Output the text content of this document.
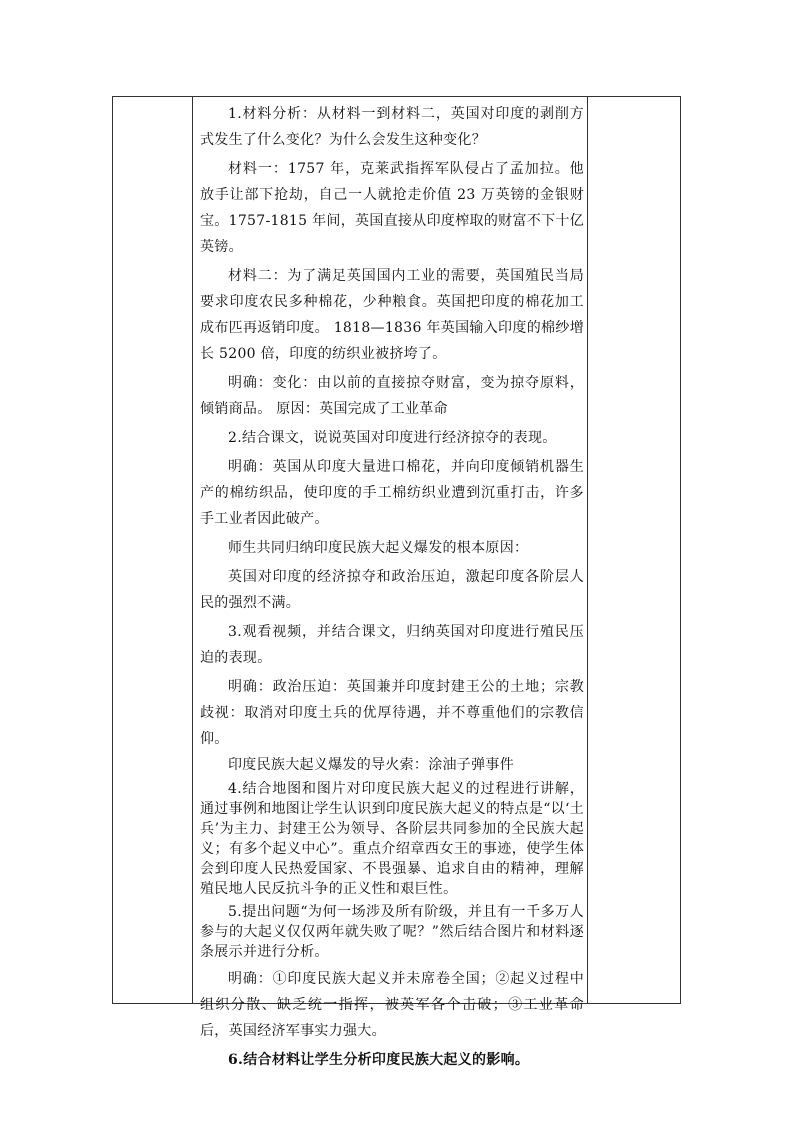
1.材料分析：从材料一到材料二，英国对印度的剥削方式发生了什么变化？为什么会发生这种变化？

材料一：1757 年，克莱武指挥军队侵占了孟加拉。他放手让部下抢劫，自己一人就抢走价值 23 万英镑的金银财宝。1757-1815 年间，英国直接从印度榨取的财富不下十亿英镑。

材料二：为了满足英国国内工业的需要，英国殖民当局要求印度农民多种棉花，少种粮食。英国把印度的棉花加工成布匹再返销印度。 1818—1836 年英国输入印度的棉纱增长 5200 倍，印度的纺织业被挤垮了。

明确：变化：由以前的直接掠夺财富，变为掠夺原料，倾销商品。 原因：英国完成了工业革命

2.结合课文，说说英国对印度进行经济掠夺的表现。

明确：英国从印度大量进口棉花，并向印度倾销机器生产的棉纺织品，使印度的手工棉纺织业遭到沉重打击，许多手工业者因此破产。

师生共同归纳印度民族大起义爆发的根本原因：

英国对印度的经济掠夺和政治压迫，激起印度各阶层人民的强烈不满。

3.观看视频，并结合课文，归纳英国对印度进行殖民压迫的表现。

明确：政治压迫：英国兼并印度封建王公的土地；宗教歧视：取消对印度土兵的优厚待遇，并不尊重他们的宗教信仰。

印度民族大起义爆发的导火索：涂油子弹事件

4.结合地图和图片对印度民族大起义的过程进行讲解，通过事例和地图让学生认识到印度民族大起义的特点是“以‘土兵’为主力、封建王公为领导、各阶层共同参加的全民族大起义；有多个起义中心”。重点介绍章西女王的事迹，使学生体会到印度人民热爱国家、不畏强暴、追求自由的精神，理解殖民地人民反抗斗争的正义性和艰巨性。

5.提出问题“为何一场涉及所有阶级，并且有一千多万人参与的大起义仅仅两年就失败了呢？”然后结合图片和材料逐条展示并进行分析。

明确：①印度民族大起义并未席卷全国；②起义过程中组织分散、缺乏统一指挥，被英军各个击破；③工业革命后，英国经济军事实力强大。

6.结合材料让学生分析印度民族大起义的影响。
